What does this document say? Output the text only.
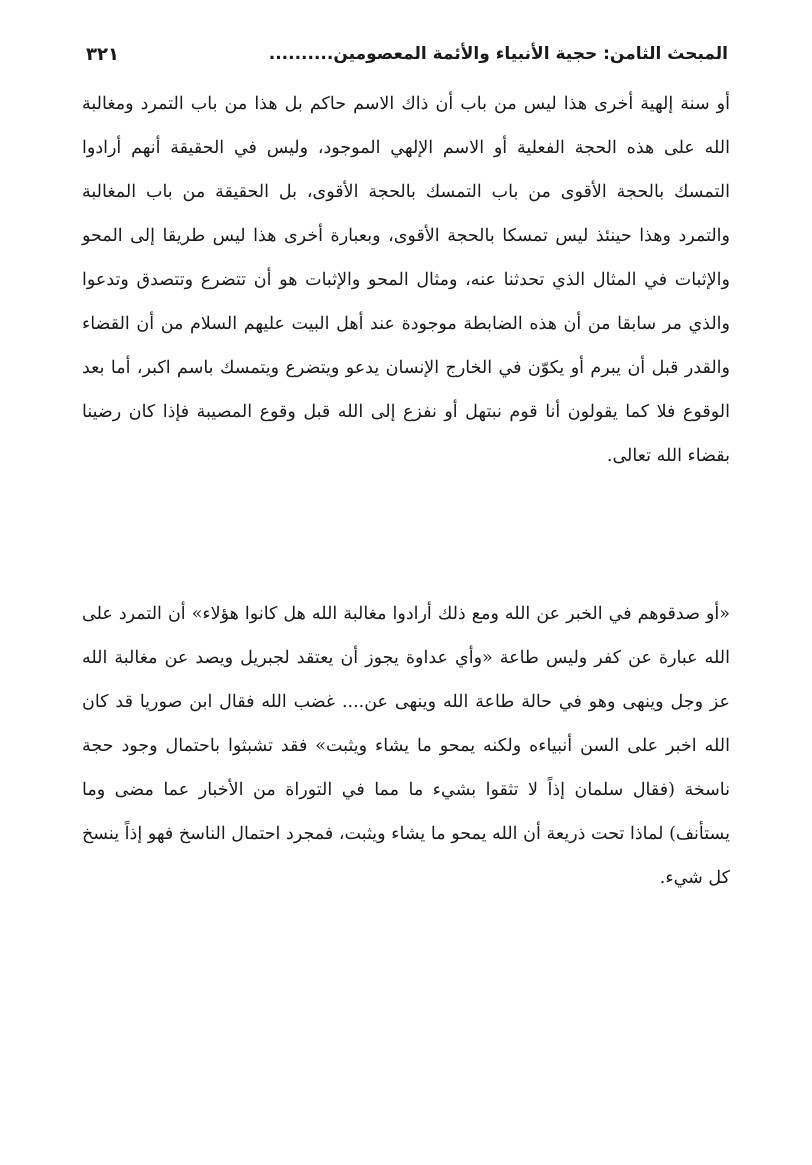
المبحث الثامن: حجية الأنبياء والأئمة المعصومين..........
٣٢١

أو سنة إلهية أخرى هذا ليس من باب أن ذاك الاسم حاكم بل هذا من باب التمرد ومغالبة الله على هذه الحجة الفعلية أو الاسم الإلهي الموجود، وليس في الحقيقة أنهم أرادوا التمسك بالحجة الأقوى من باب التمسك بالحجة الأقوى، بل الحقيقة من باب المغالبة والتمرد وهذا حينئذ ليس تمسكا بالحجة الأقوى، وبعبارة أخرى هذا ليس طريقا إلى المحو والإثبات في المثال الذي تحدثنا عنه، ومثال المحو والإثبات هو أن تتضرع وتتصدق وتدعوا والذي مر سابقا من أن هذه الضابطة موجودة عند أهل البيت عليهم السلام من أن القضاء والقدر قبل أن يبرم أو يكوّن في الخارج الإنسان يدعو ويتضرع ويتمسك باسم اكبر، أما بعد الوقوع فلا كما يقولون أنا قوم نبتهل أو نفزع إلى الله قبل وقوع المصيبة فإذا كان رضينا بقضاء الله تعالى.

«أو صدقوهم في الخبر عن الله ومع ذلك أرادوا مغالبة الله هل كانوا هؤلاء» أن التمرد على الله عبارة عن كفر وليس طاعة «وأي عداوة يجوز أن يعتقد لجبريل ويصد عن مغالبة الله عز وجل وينهى وهو في حالة طاعة الله وينهى عن.... غضب الله فقال ابن صوريا قد كان الله اخبر على السن أنبياءه ولكنه يمحو ما يشاء ويثبت» فقد تشبثوا باحتمال وجود حجة ناسخة (فقال سلمان إذاً لا تثقوا بشيء ما مما في التوراة من الأخبار عما مضى وما يستأنف) لماذا تحت ذريعة أن الله يمحو ما يشاء ويثبت، فمجرد احتمال الناسخ فهو إذاً ينسخ كل شيء.
